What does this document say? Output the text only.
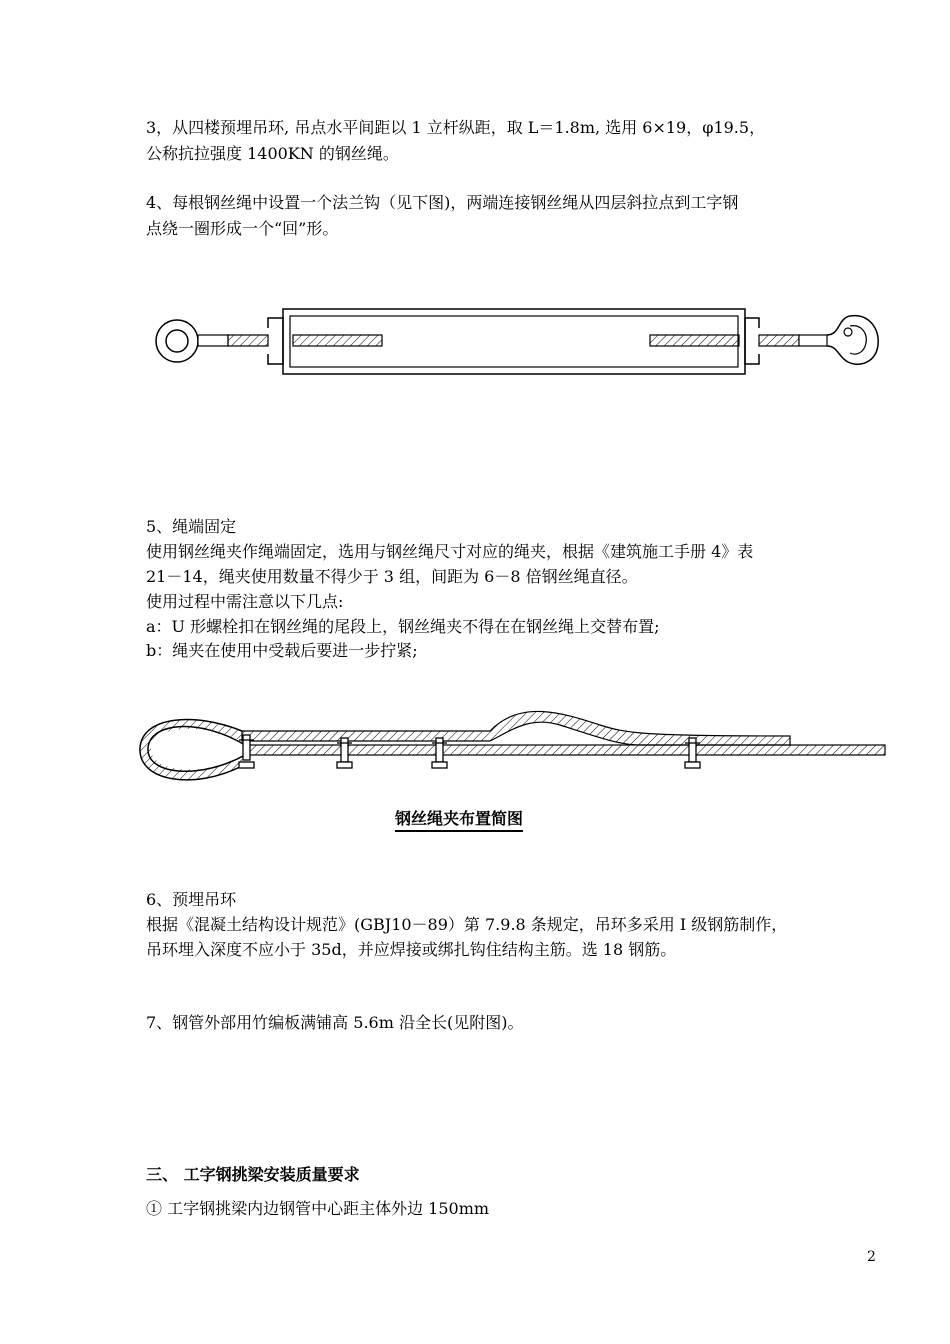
3，从四楼预埋吊环, 吊点水平间距以 1 立杆纵距，取 L＝1.8m, 选用 6×19，φ19.5，
公称抗拉强度 1400KN 的钢丝绳。
4、每根钢丝绳中设置一个法兰钩（见下图)，两端连接钢丝绳从四层斜拉点到工字钢
点绕一圈形成一个“回”形。
5、绳端固定
使用钢丝绳夹作绳端固定，选用与钢丝绳尺寸对应的绳夹，根据《建筑施工手册 4》表
21－14，绳夹使用数量不得少于 3 组，间距为 6－8 倍钢丝绳直径。
使用过程中需注意以下几点:
a：U 形螺栓扣在钢丝绳的尾段上，钢丝绳夹不得在在钢丝绳上交替布置;
b：绳夹在使用中受载后要进一步拧紧;
钢丝绳夹布置简图
6、预埋吊环
根据《混凝土结构设计规范》(GBJ10－89）第 7.9.8 条规定，吊环多采用 I 级钢筋制作，
吊环埋入深度不应小于 35d，并应焊接或绑扎钩住结构主筋。选 18 钢筋。
7、钢管外部用竹编板满铺高 5.6m 沿全长(见附图)。
三、 工字钢挑梁安装质量要求
① 工字钢挑梁内边钢管中心距主体外边 150mm
2
